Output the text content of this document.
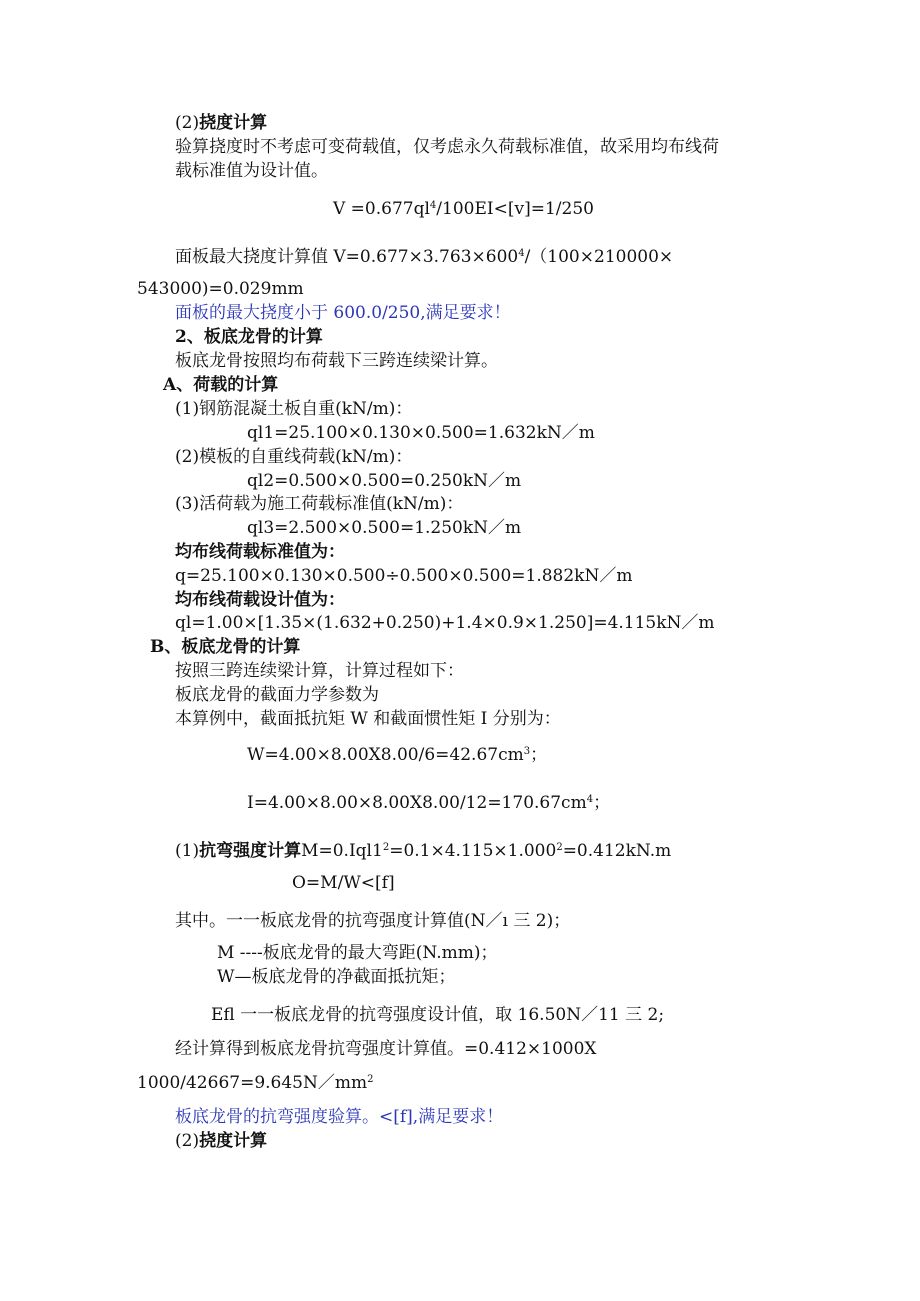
(2)挠度计算
验算挠度时不考虑可变荷载值，仅考虑永久荷载标准值，故采用均布线荷
载标准值为设计值。
$V =0.677ql^4/100EI<[v]=1/250$
面板最大挠度计算值 $V=0.677\times 3.763\times 600^4/(100\times 210000\times$
543000)=0.029mm
面板的最大挠度小于 600.0/250,满足要求！
2、板底龙骨的计算
板底龙骨按照均布荷载下三跨连续梁计算。
A、荷载的计算
(1)钢筋混凝土板自重(kN/m)：
ql1=25.100×0.130×0.500=1.632kN／m
(2)模板的自重线荷载(kN/m)：
ql2=0.500×0.500=0.250kN／m
(3)活荷载为施工荷载标准值(kN/m)：
ql3=2.500×0.500=1.250kN／m
均布线荷载标准值为：
q=25.100×0.130×0.500÷0.500×0.500=1.882kN／m
均布线荷载设计值为：
ql=1.00×[1.35×(1.632+0.250)+1.4×0.9×1.250]=4.115kN／m
B、板底龙骨的计算
按照三跨连续梁计算，计算过程如下：
板底龙骨的截面力学参数为
本算例中，截面抵抗矩 W 和截面惯性矩 I 分别为：
$W=4.00\times 8.00X8.00/6=42.67cm^3$；
$I=4.00\times 8.00\times 8.00X8.00/12=170.67cm^4$；
(1)抗弯强度计算$M=0.Iql1^2=0.1\times 4.115\times 1.000^2=0.412kN.m$
O=M/W<[f]
其中。一一板底龙骨的抗弯强度计算值(N／ı 三 2)；
M ----板底龙骨的最大弯距(N.mm)；
W—板底龙骨的净截面抵抗矩；
Efl 一一板底龙骨的抗弯强度设计值，取 16.50N／11 三 2;
经计算得到板底龙骨抗弯强度计算值。=0.412×1000X
$1000/42667=9.645N/mm^2$
板底龙骨的抗弯强度验算。<[f],满足要求！
(2)挠度计算
